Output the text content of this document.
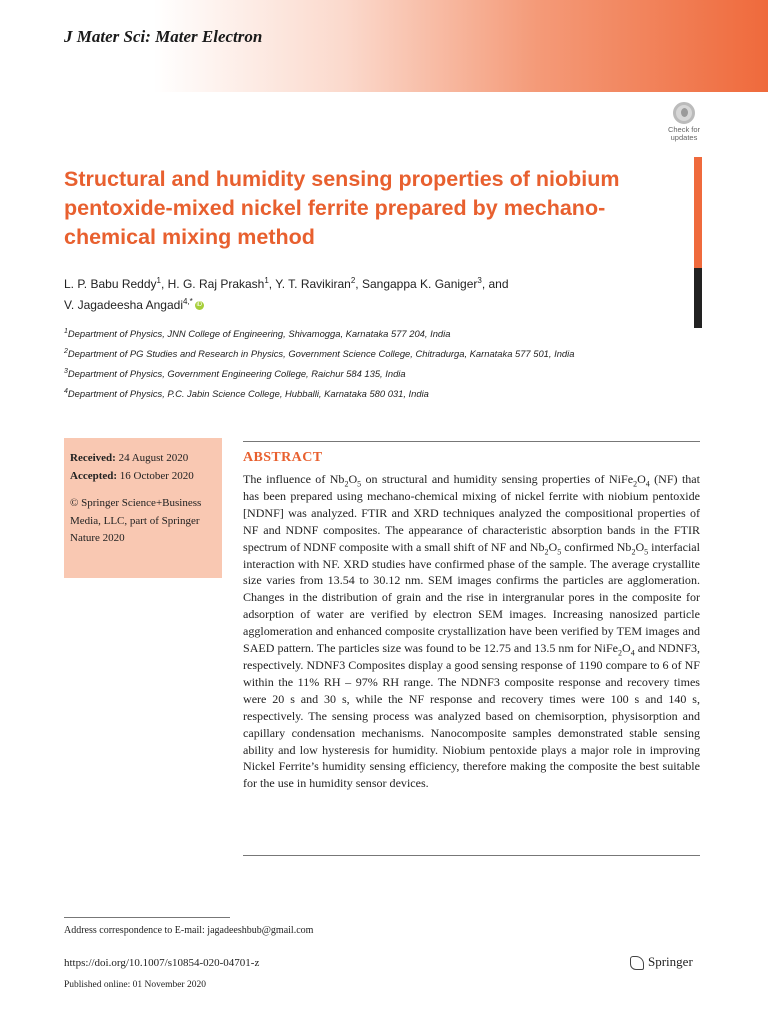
J Mater Sci: Mater Electron
Check for
updates
Structural and humidity sensing properties of niobium pentoxide-mixed nickel ferrite prepared by mechano-chemical mixing method
L. P. Babu Reddy$^1$, H. G. Raj Prakash$^1$, Y. T. Ravikiran$^2$, Sangappa K. Ganiger$^3$, and
V. Jagadeesha Angadi$^{4,*}$ iD
$^1$Department of Physics, JNN College of Engineering, Shivamogga, Karnataka 577 204, India
$^2$Department of PG Studies and Research in Physics, Government Science College, Chitradurga, Karnataka 577 501, India
$^3$Department of Physics, Government Engineering College, Raichur 584 135, India
$^4$Department of Physics, P.C. Jabin Science College, Hubballi, Karnataka 580 031, India
Received: 24 August 2020
Accepted: 16 October 2020
© Springer Science+Business Media, LLC, part of Springer Nature 2020
ABSTRACT
The influence of $Nb_2O_5$ on structural and humidity sensing properties of $NiFe_2O_4$ (NF) that has been prepared using mechano-chemical mixing of nickel ferrite with niobium pentoxide [NDNF] was analyzed. FTIR and XRD techniques analyzed the compositional properties of NF and NDNF composites. The appearance of characteristic absorption bands in the FTIR spectrum of NDNF composite with a small shift of NF and $Nb_2O_5$ confirmed $Nb_2O_5$ interfacial interaction with NF. XRD studies have confirmed phase of the sample. The average crystallite size varies from 13.54 to 30.12 nm. SEM images confirms the particles are agglomeration. Changes in the distribution of grain and the rise in intergranular pores in the composite for adsorption of water are verified by electron SEM images. Increasing nanosized particle agglomeration and enhanced composite crystallization have been verified by TEM images and SAED pattern. The particles size was found to be 12.75 and 13.5 nm for $NiFe_2O_4$ and NDNF3, respectively. NDNF3 Composites display a good sensing response of 1190 compare to 6 of NF within the 11% RH – 97% RH range. The NDNF3 composite response and recovery times were 20 s and 30 s, while the NF response and recovery times were 100 s and 140 s, respectively. The sensing process was analyzed based on chemisorption, physisorption and capillary condensation mechanisms. Nanocomposite samples demonstrated stable sensing ability and low hysteresis for humidity. Niobium pentoxide plays a major role in improving Nickel Ferrite’s humidity sensing efficiency, therefore making the composite the best suitable for the use in humidity sensor devices.
Address correspondence to E-mail: jagadeeshbub@gmail.com
https://doi.org/10.1007/s10854-020-04701-z
Published online: 01 November 2020
Springer
